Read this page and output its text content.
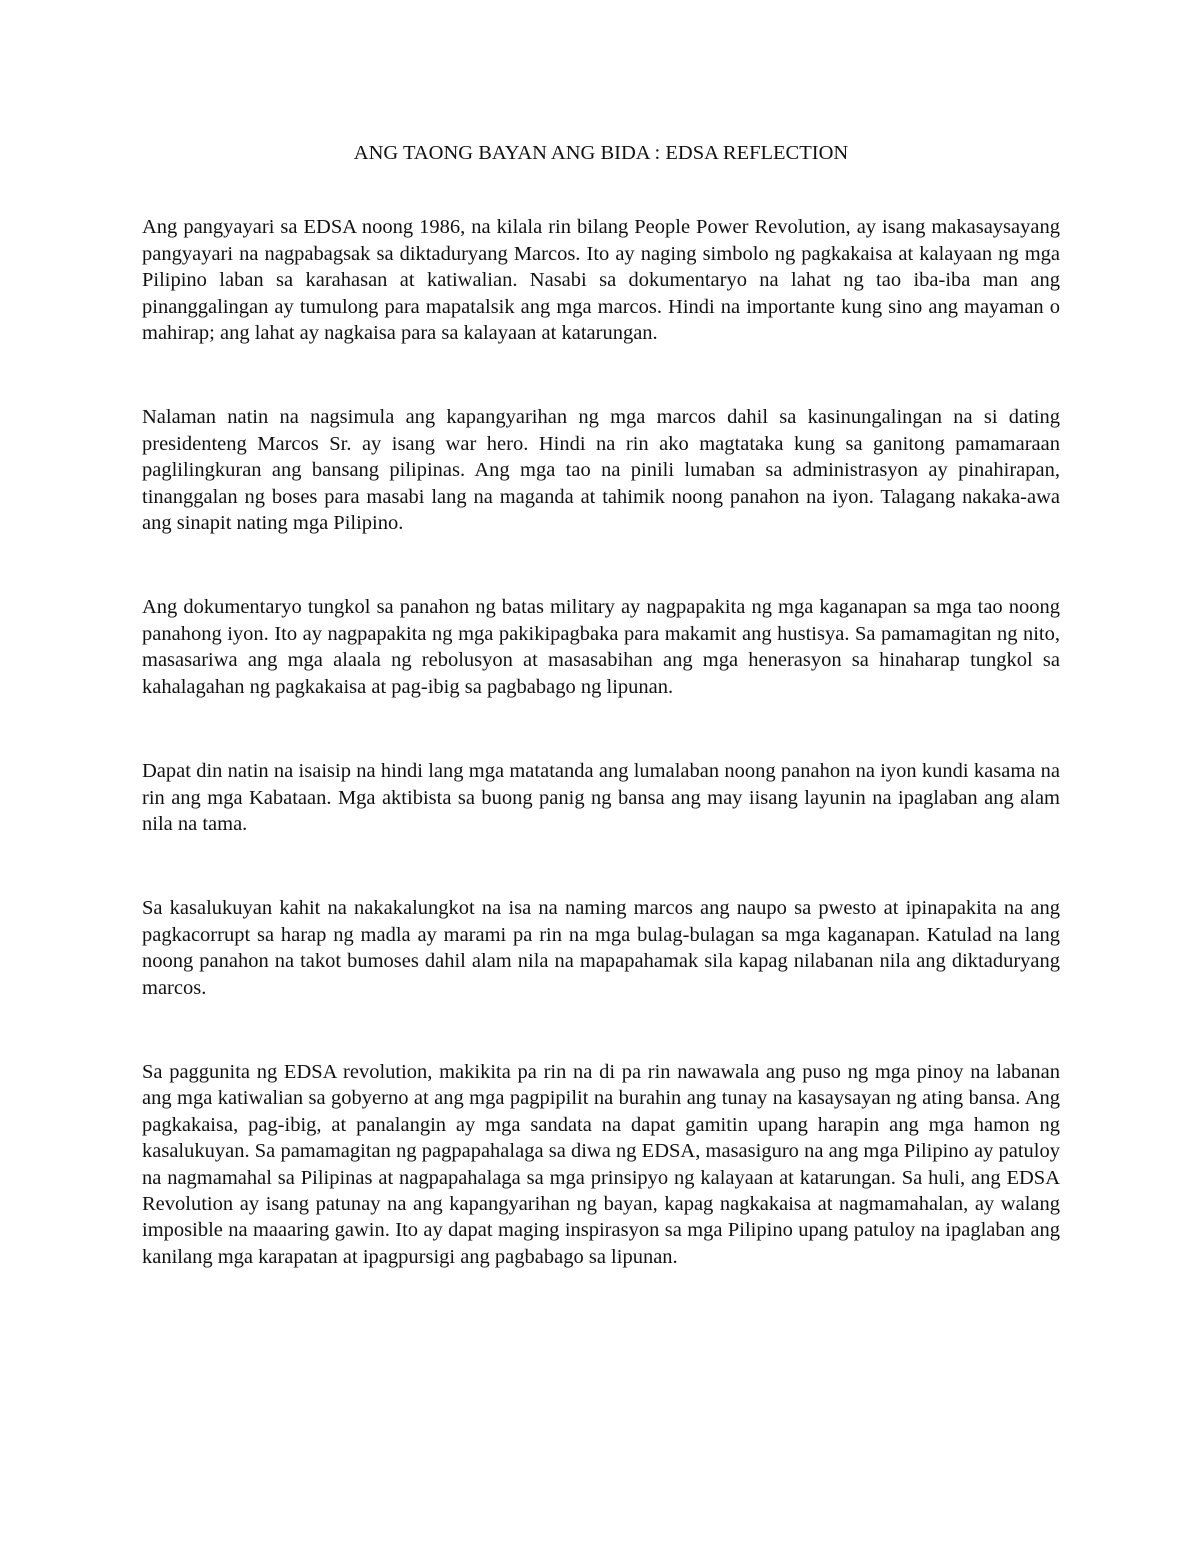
ANG TAONG BAYAN ANG BIDA : EDSA REFLECTION

Ang pangyayari sa EDSA noong 1986, na kilala rin bilang People Power Revolution, ay isang makasaysayang pangyayari na nagpabagsak sa diktaduryang Marcos. Ito ay naging simbolo ng pagkakaisa at kalayaan ng mga Pilipino laban sa karahasan at katiwalian. Nasabi sa dokumentaryo na lahat ng tao iba-iba man ang pinanggalingan ay tumulong para mapatalsik ang mga marcos. Hindi na importante kung sino ang mayaman o mahirap; ang lahat ay nagkaisa para sa kalayaan at katarungan.

Nalaman natin na nagsimula ang kapangyarihan ng mga marcos dahil sa kasinungalingan na si dating presidenteng Marcos Sr. ay isang war hero. Hindi na rin ako magtataka kung sa ganitong pamamaraan paglilingkuran ang bansang pilipinas. Ang mga tao na pinili lumaban sa administrasyon ay pinahirapan, tinanggalan ng boses para masabi lang na maganda at tahimik noong panahon na iyon. Talagang nakaka-awa ang sinapit nating mga Pilipino.

Ang dokumentaryo tungkol sa panahon ng batas military ay nagpapakita ng mga kaganapan sa mga tao noong panahong iyon. Ito ay nagpapakita ng mga pakikipagbaka para makamit ang hustisya. Sa pamamagitan ng nito, masasariwa ang mga alaala ng rebolusyon at masasabihan ang mga henerasyon sa hinaharap tungkol sa kahalagahan ng pagkakaisa at pag-ibig sa pagbabago ng lipunan.

Dapat din natin na isaisip na hindi lang mga matatanda ang lumalaban noong panahon na iyon kundi kasama na rin ang mga Kabataan. Mga aktibista sa buong panig ng bansa ang may iisang layunin na ipaglaban ang alam nila na tama.

Sa kasalukuyan kahit na nakakalungkot na isa na naming marcos ang naupo sa pwesto at ipinapakita na ang pagkacorrupt sa harap ng madla ay marami pa rin na mga bulag-bulagan sa mga kaganapan. Katulad na lang noong panahon na takot bumoses dahil alam nila na mapapahamak sila kapag nilabanan nila ang diktaduryang marcos.

Sa paggunita ng EDSA revolution, makikita pa rin na di pa rin nawawala ang puso ng mga pinoy na labanan ang mga katiwalian sa gobyerno at ang mga pagpipilit na burahin ang tunay na kasaysayan ng ating bansa. Ang pagkakaisa, pag-ibig, at panalangin ay mga sandata na dapat gamitin upang harapin ang mga hamon ng kasalukuyan. Sa pamamagitan ng pagpapahalaga sa diwa ng EDSA, masasiguro na ang mga Pilipino ay patuloy na nagmamahal sa Pilipinas at nagpapahalaga sa mga prinsipyo ng kalayaan at katarungan. Sa huli, ang EDSA Revolution ay isang patunay na ang kapangyarihan ng bayan, kapag nagkakaisa at nagmamahalan, ay walang imposible na maaaring gawin. Ito ay dapat maging inspirasyon sa mga Pilipino upang patuloy na ipaglaban ang kanilang mga karapatan at ipagpursigi ang pagbabago sa lipunan.
